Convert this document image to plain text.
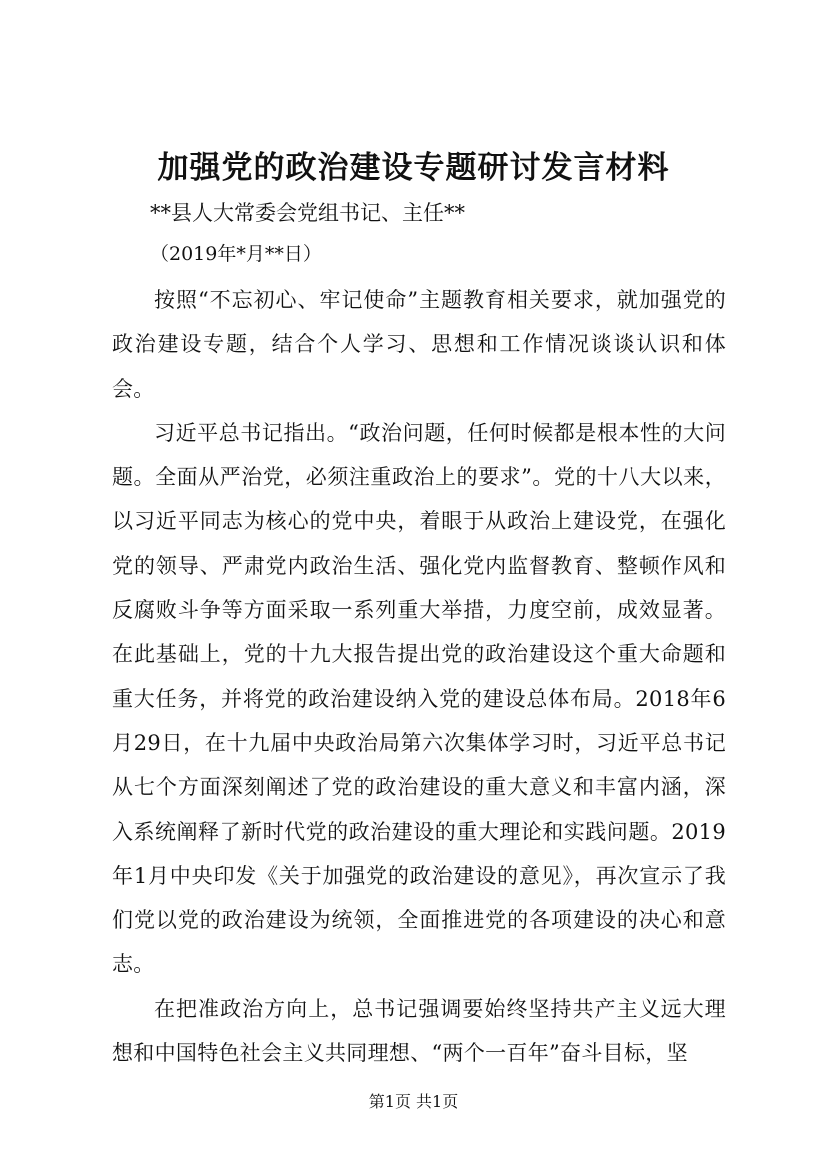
加强党的政治建设专题研讨发言材料
**县人大常委会党组书记、主任**
（2019年*月**日）

按照“不忘初心、牢记使命”主题教育相关要求，就加强党的政治建设专题，结合个人学习、思想和工作情况谈谈认识和体会。

习近平总书记指出。“政治问题，任何时候都是根本性的大问题。全面从严治党，必须注重政治上的要求”。党的十八大以来，以习近平同志为核心的党中央，着眼于从政治上建设党，在强化党的领导、严肃党内政治生活、强化党内监督教育、整顿作风和反腐败斗争等方面采取一系列重大举措，力度空前，成效显著。在此基础上，党的十九大报告提出党的政治建设这个重大命题和重大任务，并将党的政治建设纳入党的建设总体布局。2018年6月29日，在十九届中央政治局第六次集体学习时，习近平总书记从七个方面深刻阐述了党的政治建设的重大意义和丰富内涵，深入系统阐释了新时代党的政治建设的重大理论和实践问题。2019年1月中央印发《关于加强党的政治建设的意见》，再次宣示了我们党以党的政治建设为统领，全面推进党的各项建设的决心和意志。

在把准政治方向上，总书记强调要始终坚持共产主义远大理想和中国特色社会主义共同理想、“两个一百年”奋斗目标，坚

第1页 共1页
